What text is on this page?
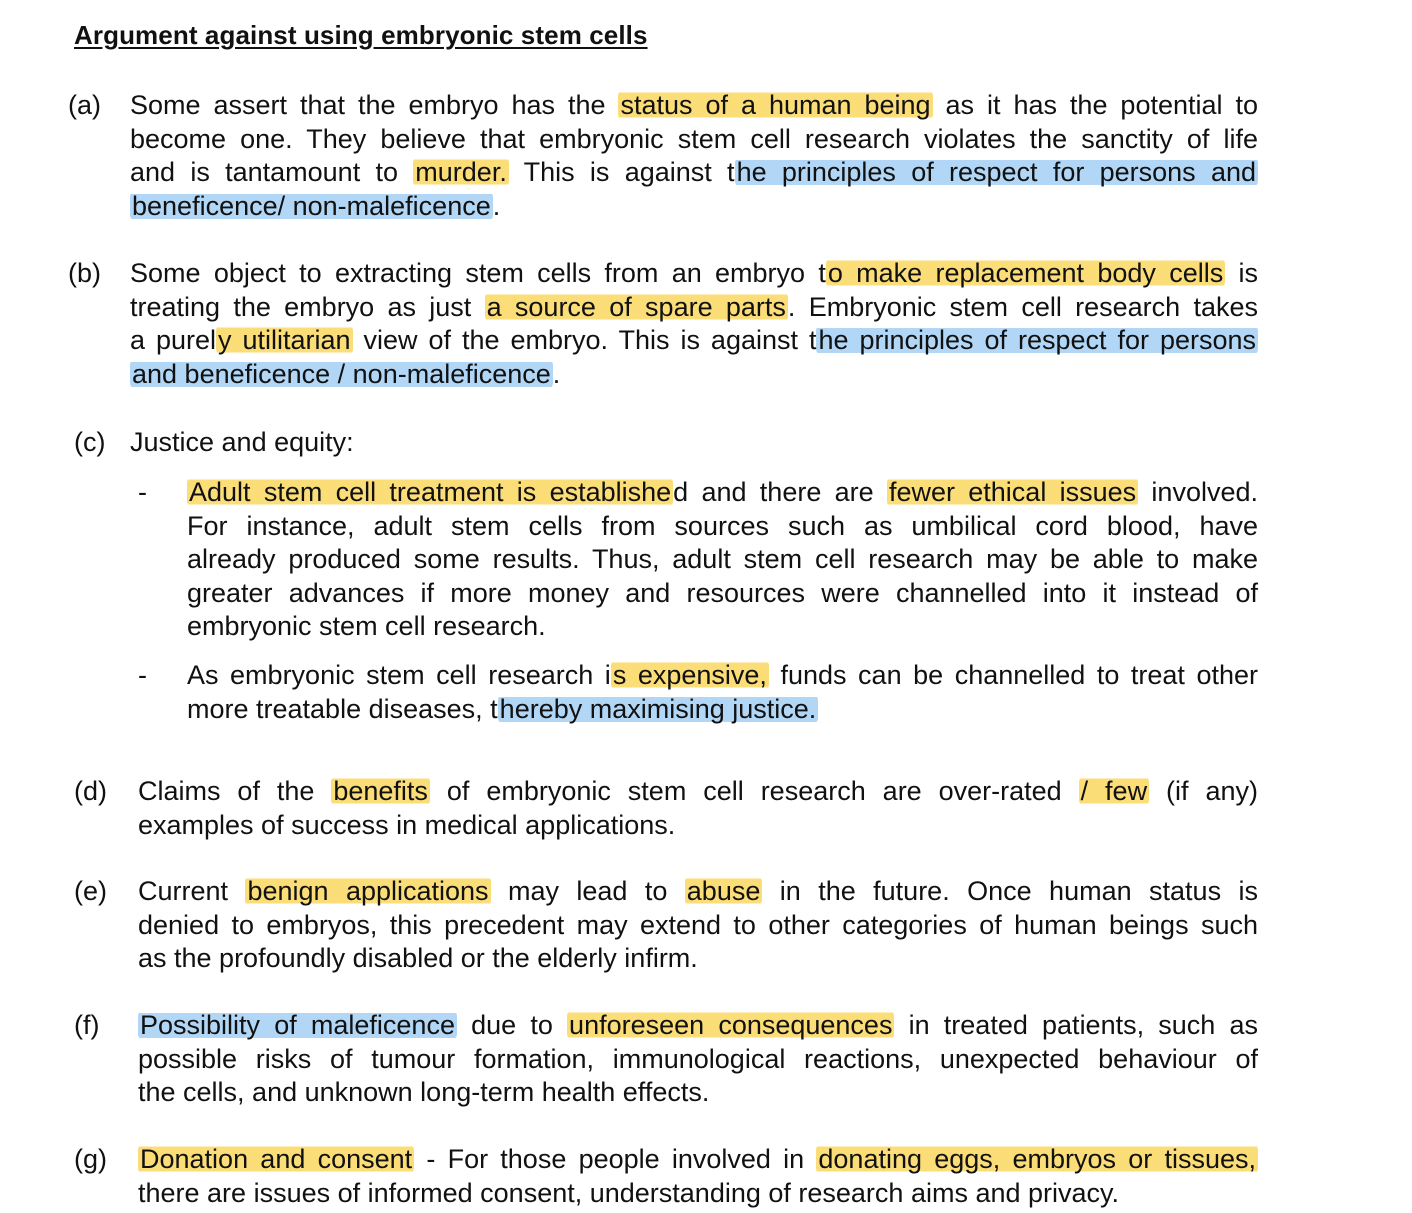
Argument against using embryonic stem cells
(a) Some assert that the embryo has the status of a human being as it has the potential to
become one. They believe that embryonic stem cell research violates the sanctity of life
and is tantamount to murder. This is against the principles of respect for persons and
beneficence/ non-maleficence.
(b) Some object to extracting stem cells from an embryo to make replacement body cells is
treating the embryo as just a source of spare parts. Embryonic stem cell research takes
a purely utilitarian view of the embryo. This is against the principles of respect for persons
and beneficence / non-maleficence.
(c) Justice and equity:
- Adult stem cell treatment is established and there are fewer ethical issues involved.
For instance, adult stem cells from sources such as umbilical cord blood, have
already produced some results. Thus, adult stem cell research may be able to make
greater advances if more money and resources were channelled into it instead of
embryonic stem cell research.
- As embryonic stem cell research is expensive, funds can be channelled to treat other
more treatable diseases, thereby maximising justice.
(d) Claims of the benefits of embryonic stem cell research are over-rated / few (if any)
examples of success in medical applications.
(e) Current benign applications may lead to abuse in the future. Once human status is
denied to embryos, this precedent may extend to other categories of human beings such
as the profoundly disabled or the elderly infirm.
(f) Possibility of maleficence due to unforeseen consequences in treated patients, such as
possible risks of tumour formation, immunological reactions, unexpected behaviour of
the cells, and unknown long-term health effects.
(g) Donation and consent - For those people involved in donating eggs, embryos or tissues,
there are issues of informed consent, understanding of research aims and privacy.
